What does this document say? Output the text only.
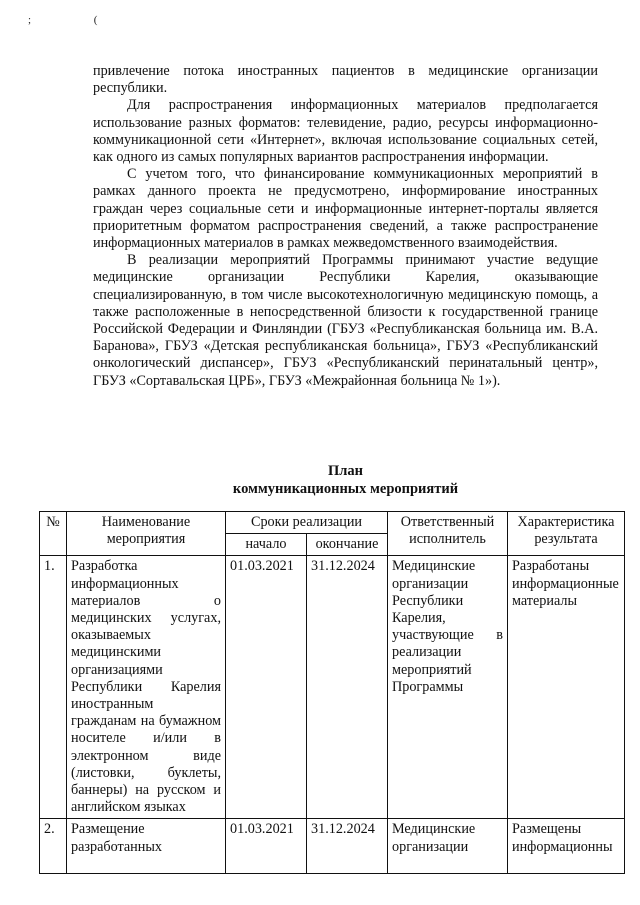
; (

привлечение потока иностранных пациентов в медицинские организации республики.

Для распространения информационных материалов предполагается использование разных форматов: телевидение, радио, ресурсы информационно-коммуникационной сети «Интернет», включая использование социальных сетей, как одного из самых популярных вариантов распространения информации.

С учетом того, что финансирование коммуникационных мероприятий в рамках данного проекта не предусмотрено, информирование иностранных граждан через социальные сети и информационные интернет-порталы является приоритетным форматом распространения сведений, а также распространение информационных материалов в рамках межведомственного взаимодействия.

В реализации мероприятий Программы принимают участие ведущие медицинские организации Республики Карелия, оказывающие специализированную, в том числе высокотехнологичную медицинскую помощь, а также расположенные в непосредственной близости к государственной границе Российской Федерации и Финляндии (ГБУЗ «Республиканская больница им. В.А. Баранова», ГБУЗ «Детская республиканская больница», ГБУЗ «Республиканский онкологический диспансер», ГБУЗ «Республиканский перинатальный центр», ГБУЗ «Сортавальская ЦРБ», ГБУЗ «Межрайонная больница № 1»).

План
коммуникационных мероприятий
№	Наименование мероприятия	Сроки реализации		Ответственный исполнитель	Характеристика результата
		начало	окончание		
1.	Разработка информационных материалов о медицинских услугах, оказываемых медицинскими организациями Республики Карелия иностранным гражданам на бумажном носителе и/или в электронном виде (листовки, буклеты, баннеры) на русском и английском языках	01.03.2021	31.12.2024	Медицинские организации Республики Карелия, участвующие в реализации мероприятий Программы	Разработаны информационные материалы
2.	Размещение разработанных	01.03.2021	31.12.2024	Медицинские организации	Размещены информационны
